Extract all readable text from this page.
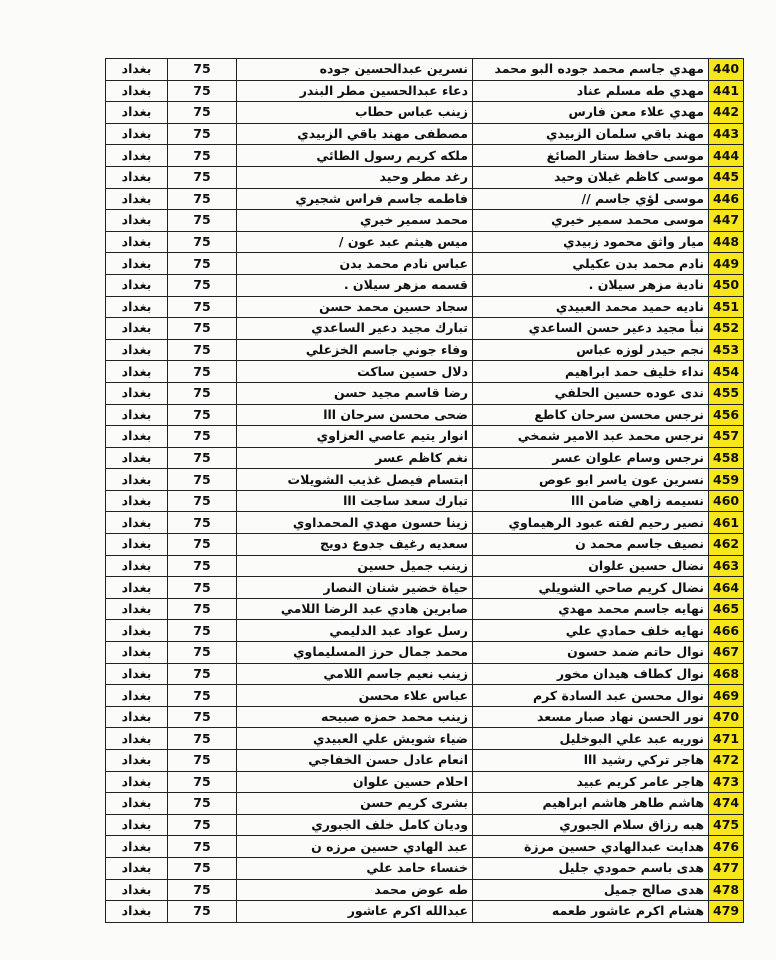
بغداد	75	نسرين عبدالحسين جوده	مهدي جاسم محمد جوده البو محمد	440
بغداد	75	دعاء عبدالحسين مطر البندر	مهدي طه مسلم عناد	441
بغداد	75	زينب عباس حطاب	مهدي علاء معن فارس	442
بغداد	75	مصطفى مهند باقي الزبيدي	مهند باقي سلمان الزبيدي	443
بغداد	75	ملكه كريم رسول الطائي	موسى حافظ ستار الصائغ	444
بغداد	75	رغد مطر وحيد	موسى كاظم غيلان وحيد	445
بغداد	75	فاطمه جاسم فراس شجيري	موسى لؤي جاسم //	446
بغداد	75	محمد سمير خيري	موسى محمد سمير خيري	447
بغداد	75	ميس هيثم عبد عون /	ميار واثق محمود زبيدي	448
بغداد	75	عباس نادم محمد بدن	نادم محمد بدن عكيلي	449
بغداد	75	قسمه مزهر سيلان .	نادية مزهر سيلان .	450
بغداد	75	سجاد حسين محمد حسن	ناديه حميد محمد العبيدي	451
بغداد	75	تبارك مجيد دعير الساعدي	نبأ مجيد دعير حسن الساعدي	452
بغداد	75	وفاء جوني جاسم الخزعلي	نجم حيدر لوزه عباس	453
بغداد	75	دلال حسين ساكت	نداء خليف حمد ابراهيم	454
بغداد	75	رضا قاسم مجيد حسن	ندى عوده حسين الحلفي	455
بغداد	75	ضحى محسن سرحان ااا	نرجس محسن سرحان كاطع	456
بغداد	75	انوار يتيم عاصي العزاوي	نرجس محمد عبد الامير شمخي	457
بغداد	75	نغم كاظم عسر	نرجس وسام علوان عسر	458
بغداد	75	ابتسام فيصل غذيب الشويلات	نسرين عون ياسر ابو عوص	459
بغداد	75	تبارك سعد ساجت ااا	نسيمه زاهي ضامن ااا	460
بغداد	75	زينا حسون مهدي المحمداوي	نصير رحيم لفته عبود الرهيماوي	461
بغداد	75	سعديه رغيف جدوع دويج	نصيف جاسم محمد ن	462
بغداد	75	زينب جميل حسين	نضال حسين علوان	463
بغداد	75	حياة خضير شنان النصار	نضال كريم صاحي الشويلي	464
بغداد	75	صابرين هادي عبد الرضا اللامي	نهايه جاسم محمد مهدي	465
بغداد	75	رسل عواد عبد الدليمي	نهايه خلف حمادي علي	466
بغداد	75	محمد جمال حرز المسليماوي	نوال حاتم ضمد حسون	467
بغداد	75	زينب نعيم جاسم اللامي	نوال كطاف هيدان مخور	468
بغداد	75	عباس علاء محسن	نوال محسن عبد السادة كرم	469
بغداد	75	زينب محمد حمزه صبيحه	نور الحسن نهاد صبار مسعد	470
بغداد	75	ضياء شويش علي العبيدي	نوريه عبد علي البوخليل	471
بغداد	75	انعام عادل حسن الخفاجي	هاجر تركي رشيد ااا	472
بغداد	75	احلام حسين علوان	هاجر عامر كريم عبيد	473
بغداد	75	بشرى كريم حسن	هاشم طاهر هاشم ابراهيم	474
بغداد	75	وديان كامل خلف الجبوري	هبه رزاق سلام الجبوري	475
بغداد	75	عبد الهادي حسين مرزه ن	هدايت عبدالهادي حسين مرزة	476
بغداد	75	خنساء حامد علي	هدى باسم حمودي جليل	477
بغداد	75	طه عوض محمد	هدى صالح جميل	478
بغداد	75	عبدالله اكرم عاشور	هشام اكرم عاشور طعمه	479
